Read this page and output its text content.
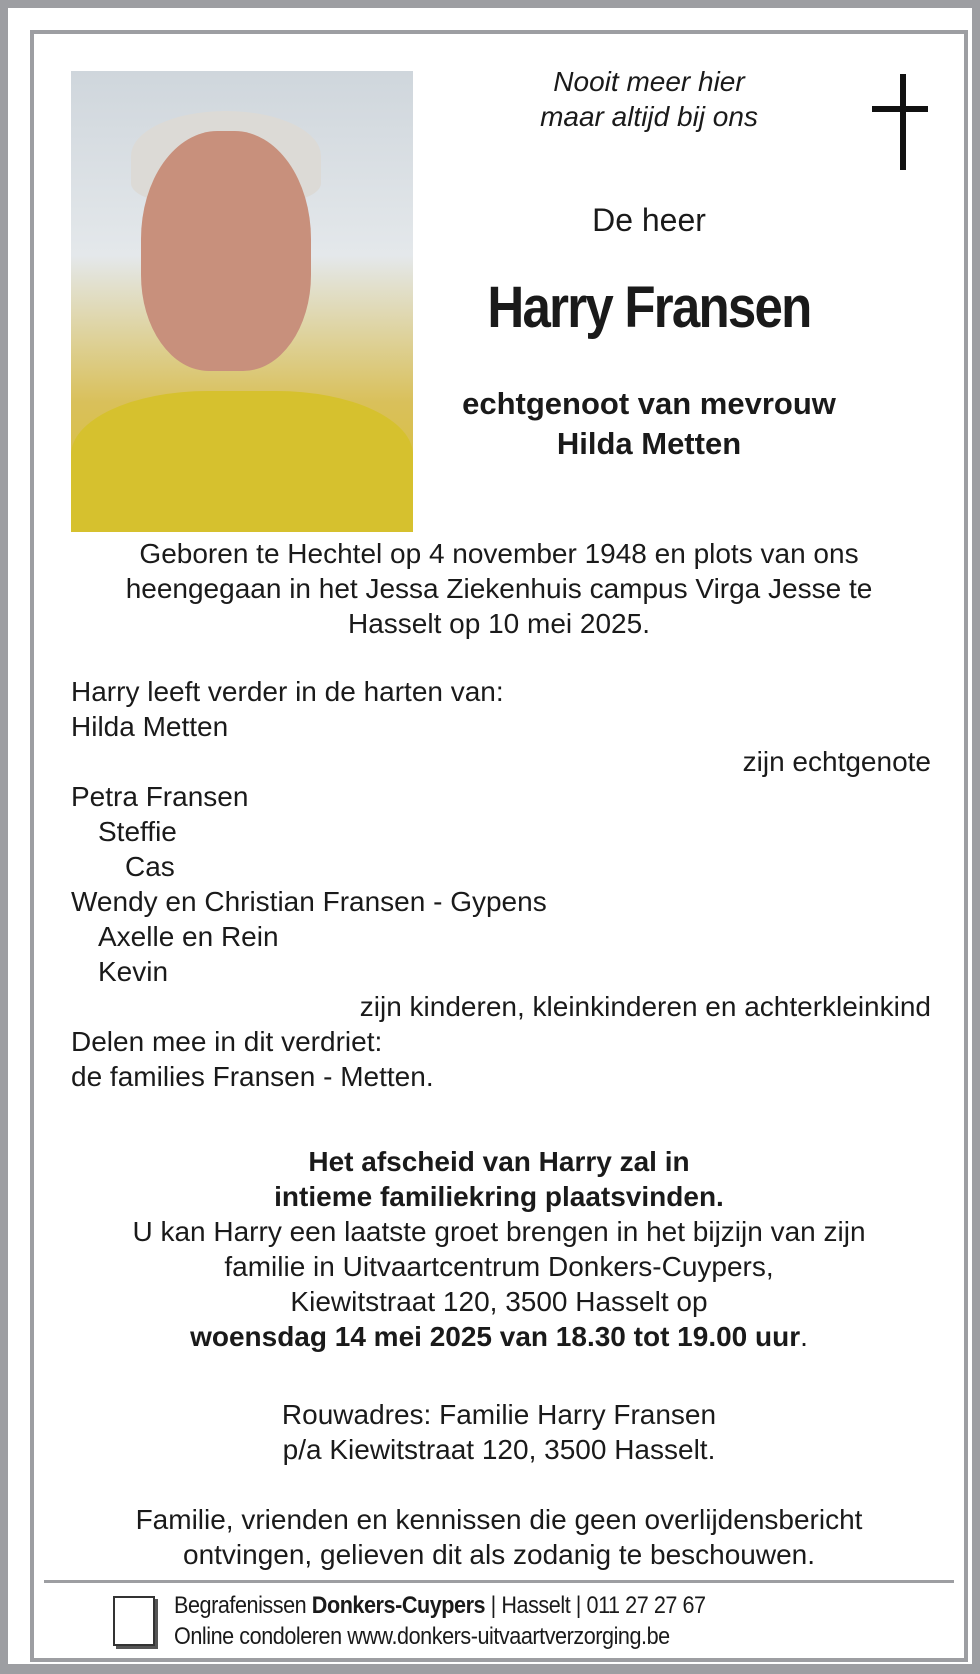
Nooit meer hier
maar altijd bij ons
De heer
Harry Fransen
echtgenoot van mevrouw
Hilda Metten
Geboren te Hechtel op 4 november 1948 en plots van ons
heengegaan in het Jessa Ziekenhuis campus Virga Jesse te
Hasselt op 10 mei 2025.
Harry leeft verder in de harten van:
Hilda Metten
zijn echtgenote
Petra Fransen
Steffie
Cas
Wendy en Christian Fransen - Gypens
Axelle en Rein
Kevin
zijn kinderen, kleinkinderen en achterkleinkind
Delen mee in dit verdriet:
de families Fransen - Metten.
Het afscheid van Harry zal in
intieme familiekring plaatsvinden.
U kan Harry een laatste groet brengen in het bijzijn van zijn
familie in Uitvaartcentrum Donkers-Cuypers,
Kiewitstraat 120, 3500 Hasselt op
woensdag 14 mei 2025 van 18.30 tot 19.00 uur.
Rouwadres: Familie Harry Fransen
p/a Kiewitstraat 120, 3500 Hasselt.
Familie, vrienden en kennissen die geen overlijdensbericht
ontvingen, gelieven dit als zodanig te beschouwen.
Begrafenissen Donkers-Cuypers | Hasselt | 011 27 27 67
Online condoleren www.donkers-uitvaartverzorging.be
